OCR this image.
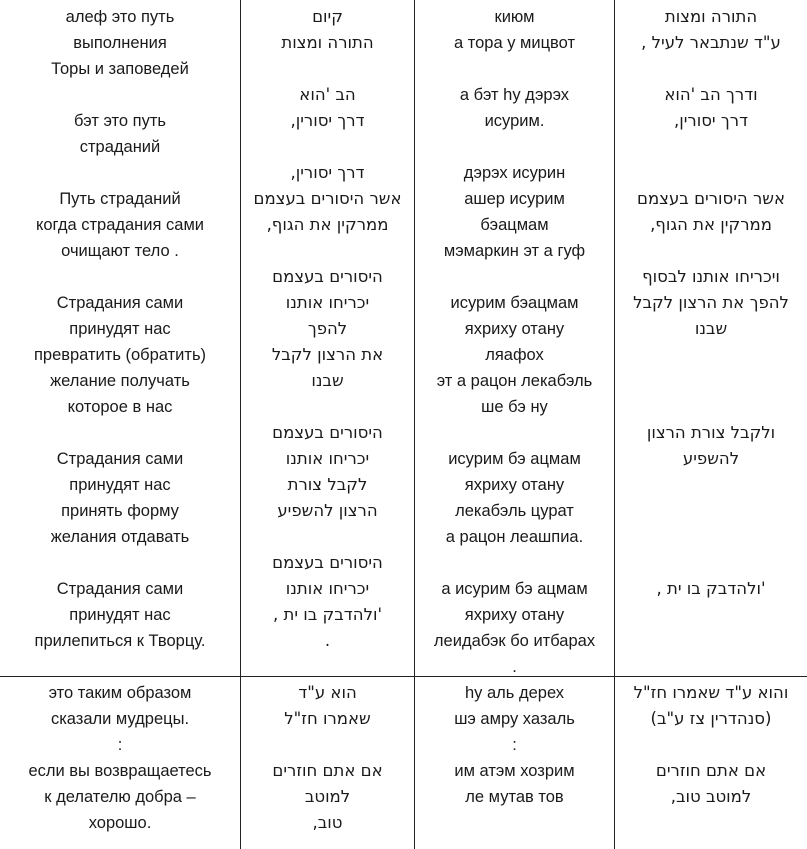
алеф это путь
выполнения
Торы и заповедей
бэт это путь
страданий
Путь страданий
когда страдания сами
очищают тело .
Страдания сами
принудят нас
превратить (обратить)
желание получать
которое в нас
Страдания сами
принудят нас
принять форму
желания отдавать
Страдания сами
принудят нас
прилепиться к Творцу.
это таким образом
сказали мудрецы.
:
если вы возвращаетесь
к делателю добра –
хорошо.
קיום
התורה ומצות
הב 'הוא
דרך יסורין,
דרך יסורין,
אשר היסורים בעצמם
ממרקין את הגוף,
היסורים בעצמם
יכריחו אותנו
להפך
את הרצון לקבל
שבנו
היסורים בעצמם
יכריחו אותנו
לקבל צורת
הרצון להשפיע
היסורים בעצמם
יכריחו אותנו
'ולהדבק בו ית ,
.
הוא ע"ד
שאמרו חז"ל
אם אתם חוזרים
למוטב
טוב,
киюм
а тора у мицвот
а бэт hу дэрэх
исурим.
дэрэх исурин
ашер исурим
бэацмам
мэмаркин эт а гуф
исурим бэацмам
яхриху отану
ляафох
эт а рацон лекабэль
ше бэ ну
исурим бэ ацмам
яхриху отану
лекабэль цурат
а рацон леашпиа.
а исурим бэ ацмам
яхриху отану
леидабэк бо итбарах
.
hу аль дерех
шэ амру хазаль
:
им атэм хозрим
ле мутав тов
התורה ומצות
ע"ד שנתבאר לעיל ,
ודרך הב 'הוא
דרך יסורין,
אשר היסורים בעצמם
ממרקין את הגוף,
ויכריחו אותנו לבסוף
להפך את הרצון לקבל
שבנו
ולקבל צורת הרצון
להשפיע
'ולהדבק בו ית ,
והוא ע"ד שאמרו חז"ל
(סנהדרין צז ע"ב)
אם אתם חוזרים
למוטב טוב,
